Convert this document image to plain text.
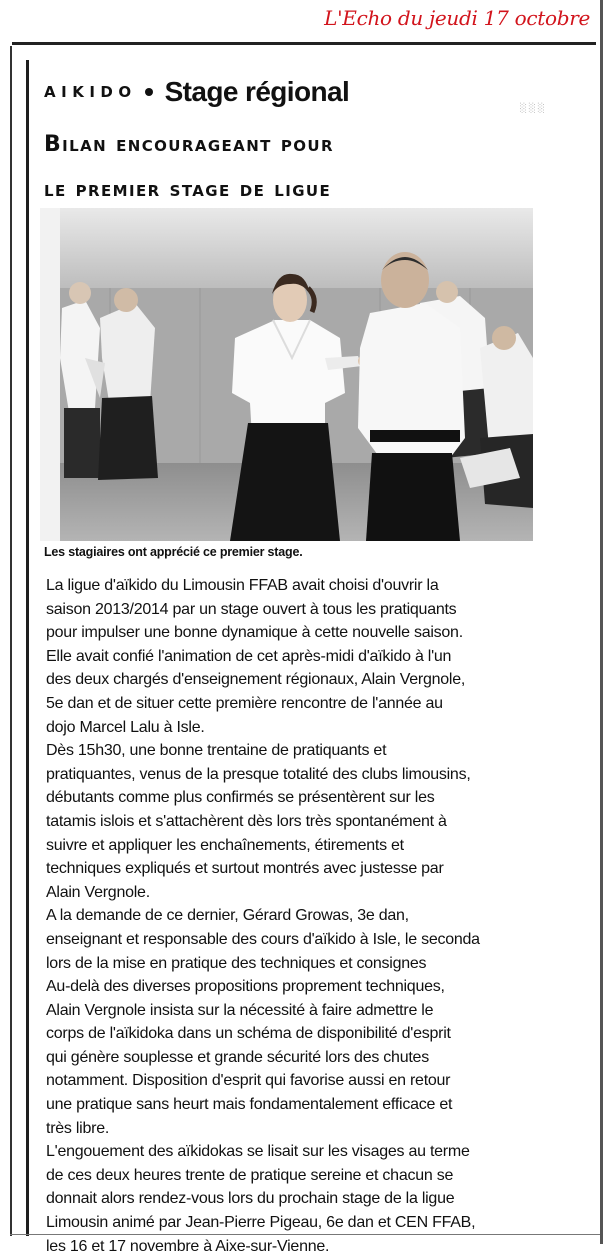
L'Echo du jeudi 17 octobre
░░░
AIKIDO Stage régional
Bilan encourageant pour
le premier stage de ligue
Les stagiaires ont apprécié ce premier stage.
La ligue d'aïkido du Limousin FFAB avait choisi d'ouvrir la
saison 2013/2014 par un stage ouvert à tous les pratiquants
pour impulser une bonne dynamique à cette nouvelle saison.
Elle avait confié l'animation de cet après-midi d'aïkido à l'un
des deux chargés d'enseignement régionaux, Alain Vergnole,
5e dan et de situer cette première rencontre de l'année au
dojo Marcel Lalu à Isle.
Dès 15h30, une bonne trentaine de pratiquants et
pratiquantes, venus de la presque totalité des clubs limousins,
débutants comme plus confirmés se présentèrent sur les
tatamis islois et s'attachèrent dès lors très spontanément à
suivre et appliquer les enchaînements, étirements et
techniques expliqués et surtout montrés avec justesse par
Alain Vergnole.
A la demande de ce dernier, Gérard Growas, 3e dan,
enseignant et responsable des cours d'aïkido à Isle, le seconda
lors de la mise en pratique des techniques et consignes
Au-delà des diverses propositions proprement techniques,
Alain Vergnole insista sur la nécessité à faire admettre le
corps de l'aïkidoka dans un schéma de disponibilité d'esprit
qui génère souplesse et grande sécurité lors des chutes
notamment. Disposition d'esprit qui favorise aussi en retour
une pratique sans heurt mais fondamentalement efficace et
très libre.
L'engouement des aïkidokas se lisait sur les visages au terme
de ces deux heures trente de pratique sereine et chacun se
donnait alors rendez-vous lors du prochain stage de la ligue
Limousin animé par Jean-Pierre Pigeau, 6e dan et CEN FFAB,
les 16 et 17 novembre à Aixe-sur-Vienne.
